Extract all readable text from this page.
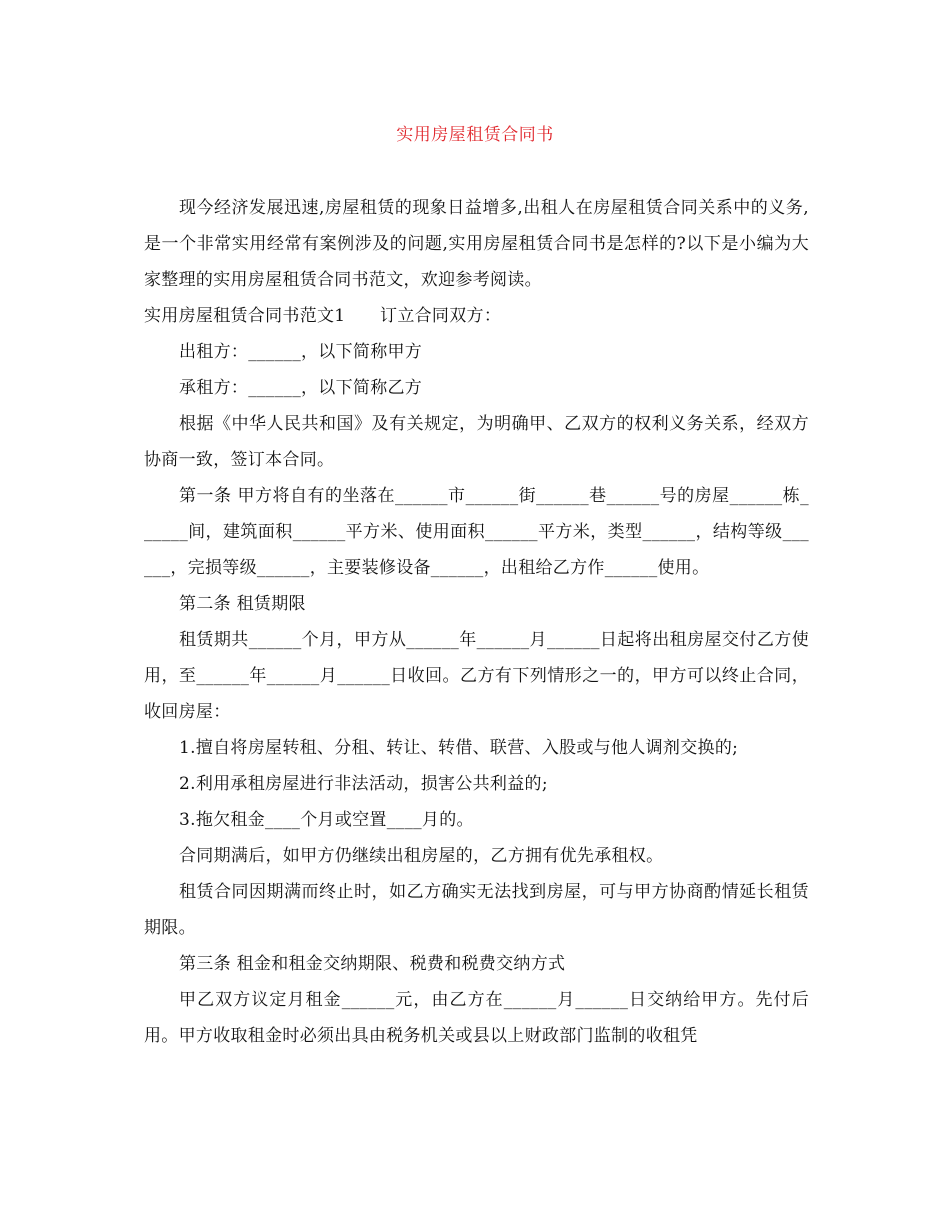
实用房屋租赁合同书

现今经济发展迅速,房屋租赁的现象日益增多,出租人在房屋租赁合同关系中的义务,是一个非常实用经常有案例涉及的问题,实用房屋租赁合同书是怎样的?以下是小编为大家整理的实用房屋租赁合同书范文，欢迎参考阅读。

实用房屋租赁合同书范文1　　订立合同双方：

出租方：______，以下简称甲方

承租方：______，以下简称乙方

根据《中华人民共和国》及有关规定，为明确甲、乙双方的权利义务关系，经双方协商一致，签订本合同。

第一条 甲方将自有的坐落在______市______街______巷______号的房屋______栋______间，建筑面积______平方米、使用面积______平方米，类型______，结构等级______，完损等级______，主要装修设备______，出租给乙方作______使用。

第二条 租赁期限

租赁期共______个月，甲方从______年______月______日起将出租房屋交付乙方使用，至______年______月______日收回。乙方有下列情形之一的，甲方可以终止合同，收回房屋：

1.擅自将房屋转租、分租、转让、转借、联营、入股或与他人调剂交换的;

2.利用承租房屋进行非法活动，损害公共利益的;

3.拖欠租金____个月或空置____月的。

合同期满后，如甲方仍继续出租房屋的，乙方拥有优先承租权。

租赁合同因期满而终止时，如乙方确实无法找到房屋，可与甲方协商酌情延长租赁期限。

第三条 租金和租金交纳期限、税费和税费交纳方式

甲乙双方议定月租金______元，由乙方在______月______日交纳给甲方。先付后用。甲方收取租金时必须出具由税务机关或县以上财政部门监制的收租凭
